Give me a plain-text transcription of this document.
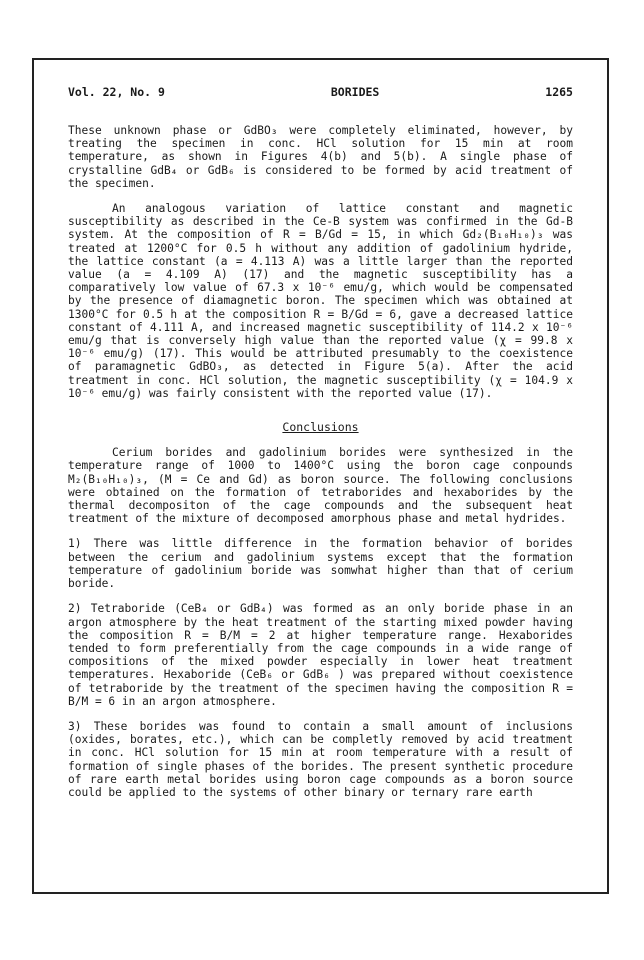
Vol. 22, No. 9	BORIDES	1265

These unknown phase or GdBO₃ were completely eliminated, however, by treating the specimen in conc. HCl solution for 15 min at room temperature, as shown in Figures 4(b) and 5(b). A single phase of crystalline GdB₄ or GdB₆ is considered to be formed by acid treatment of the specimen.

An analogous variation of lattice constant and magnetic susceptibility as described in the Ce-B system was confirmed in the Gd-B system. At the composition of R = B/Gd = 15, in which Gd₂(B₁₀H₁₀)₃ was treated at 1200°C for 0.5 h without any addition of gadolinium hydride, the lattice constant (a = 4.113 A) was a little larger than the reported value (a = 4.109 A) (17) and the magnetic susceptibility has a comparatively low value of 67.3 x 10⁻⁶ emu/g, which would be compensated by the presence of diamagnetic boron. The specimen which was obtained at 1300°C for 0.5 h at the composition R = B/Gd = 6, gave a decreased lattice constant of 4.111 A, and increased magnetic susceptibility of 114.2 x 10⁻⁶ emu/g that is conversely high value than the reported value (χ = 99.8 x 10⁻⁶ emu/g) (17). This would be attributed presumably to the coexistence of paramagnetic GdBO₃, as detected in Figure 5(a). After the acid treatment in conc. HCl solution, the magnetic susceptibility (χ = 104.9 x 10⁻⁶ emu/g) was fairly consistent with the reported value (17).

Conclusions

Cerium borides and gadolinium borides were synthesized in the temperature range of 1000 to 1400°C using the boron cage conpounds M₂(B₁₀H₁₀)₃, (M = Ce and Gd) as boron source. The following conclusions were obtained on the formation of tetraborides and hexaborides by the thermal decompositon of the cage compounds and the subsequent heat treatment of the mixture of decomposed amorphous phase and metal hydrides.

1) There was little difference in the formation behavior of borides between the cerium and gadolinium systems except that the formation temperature of gadolinium boride was somwhat higher than that of cerium boride.

2) Tetraboride (CeB₄ or GdB₄) was formed as an only boride phase in an argon atmosphere by the heat treatment of the starting mixed powder having the composition R = B/M = 2 at higher temperature range. Hexaborides tended to form preferentially from the cage compounds in a wide range of compositions of the mixed powder especially in lower heat treatment temperatures. Hexaboride (CeB₆ or GdB₆ ) was prepared without coexistence of tetraboride by the treatment of the specimen having the composition R = B/M = 6 in an argon atmosphere.

3) These borides was found to contain a small amount of inclusions (oxides, borates, etc.), which can be completly removed by acid treatment in conc. HCl solution for 15 min at room temperature with a result of formation of single phases of the borides. The present synthetic procedure of rare earth metal borides using boron cage compounds as a boron source could be applied to the systems of other binary or ternary rare earth
